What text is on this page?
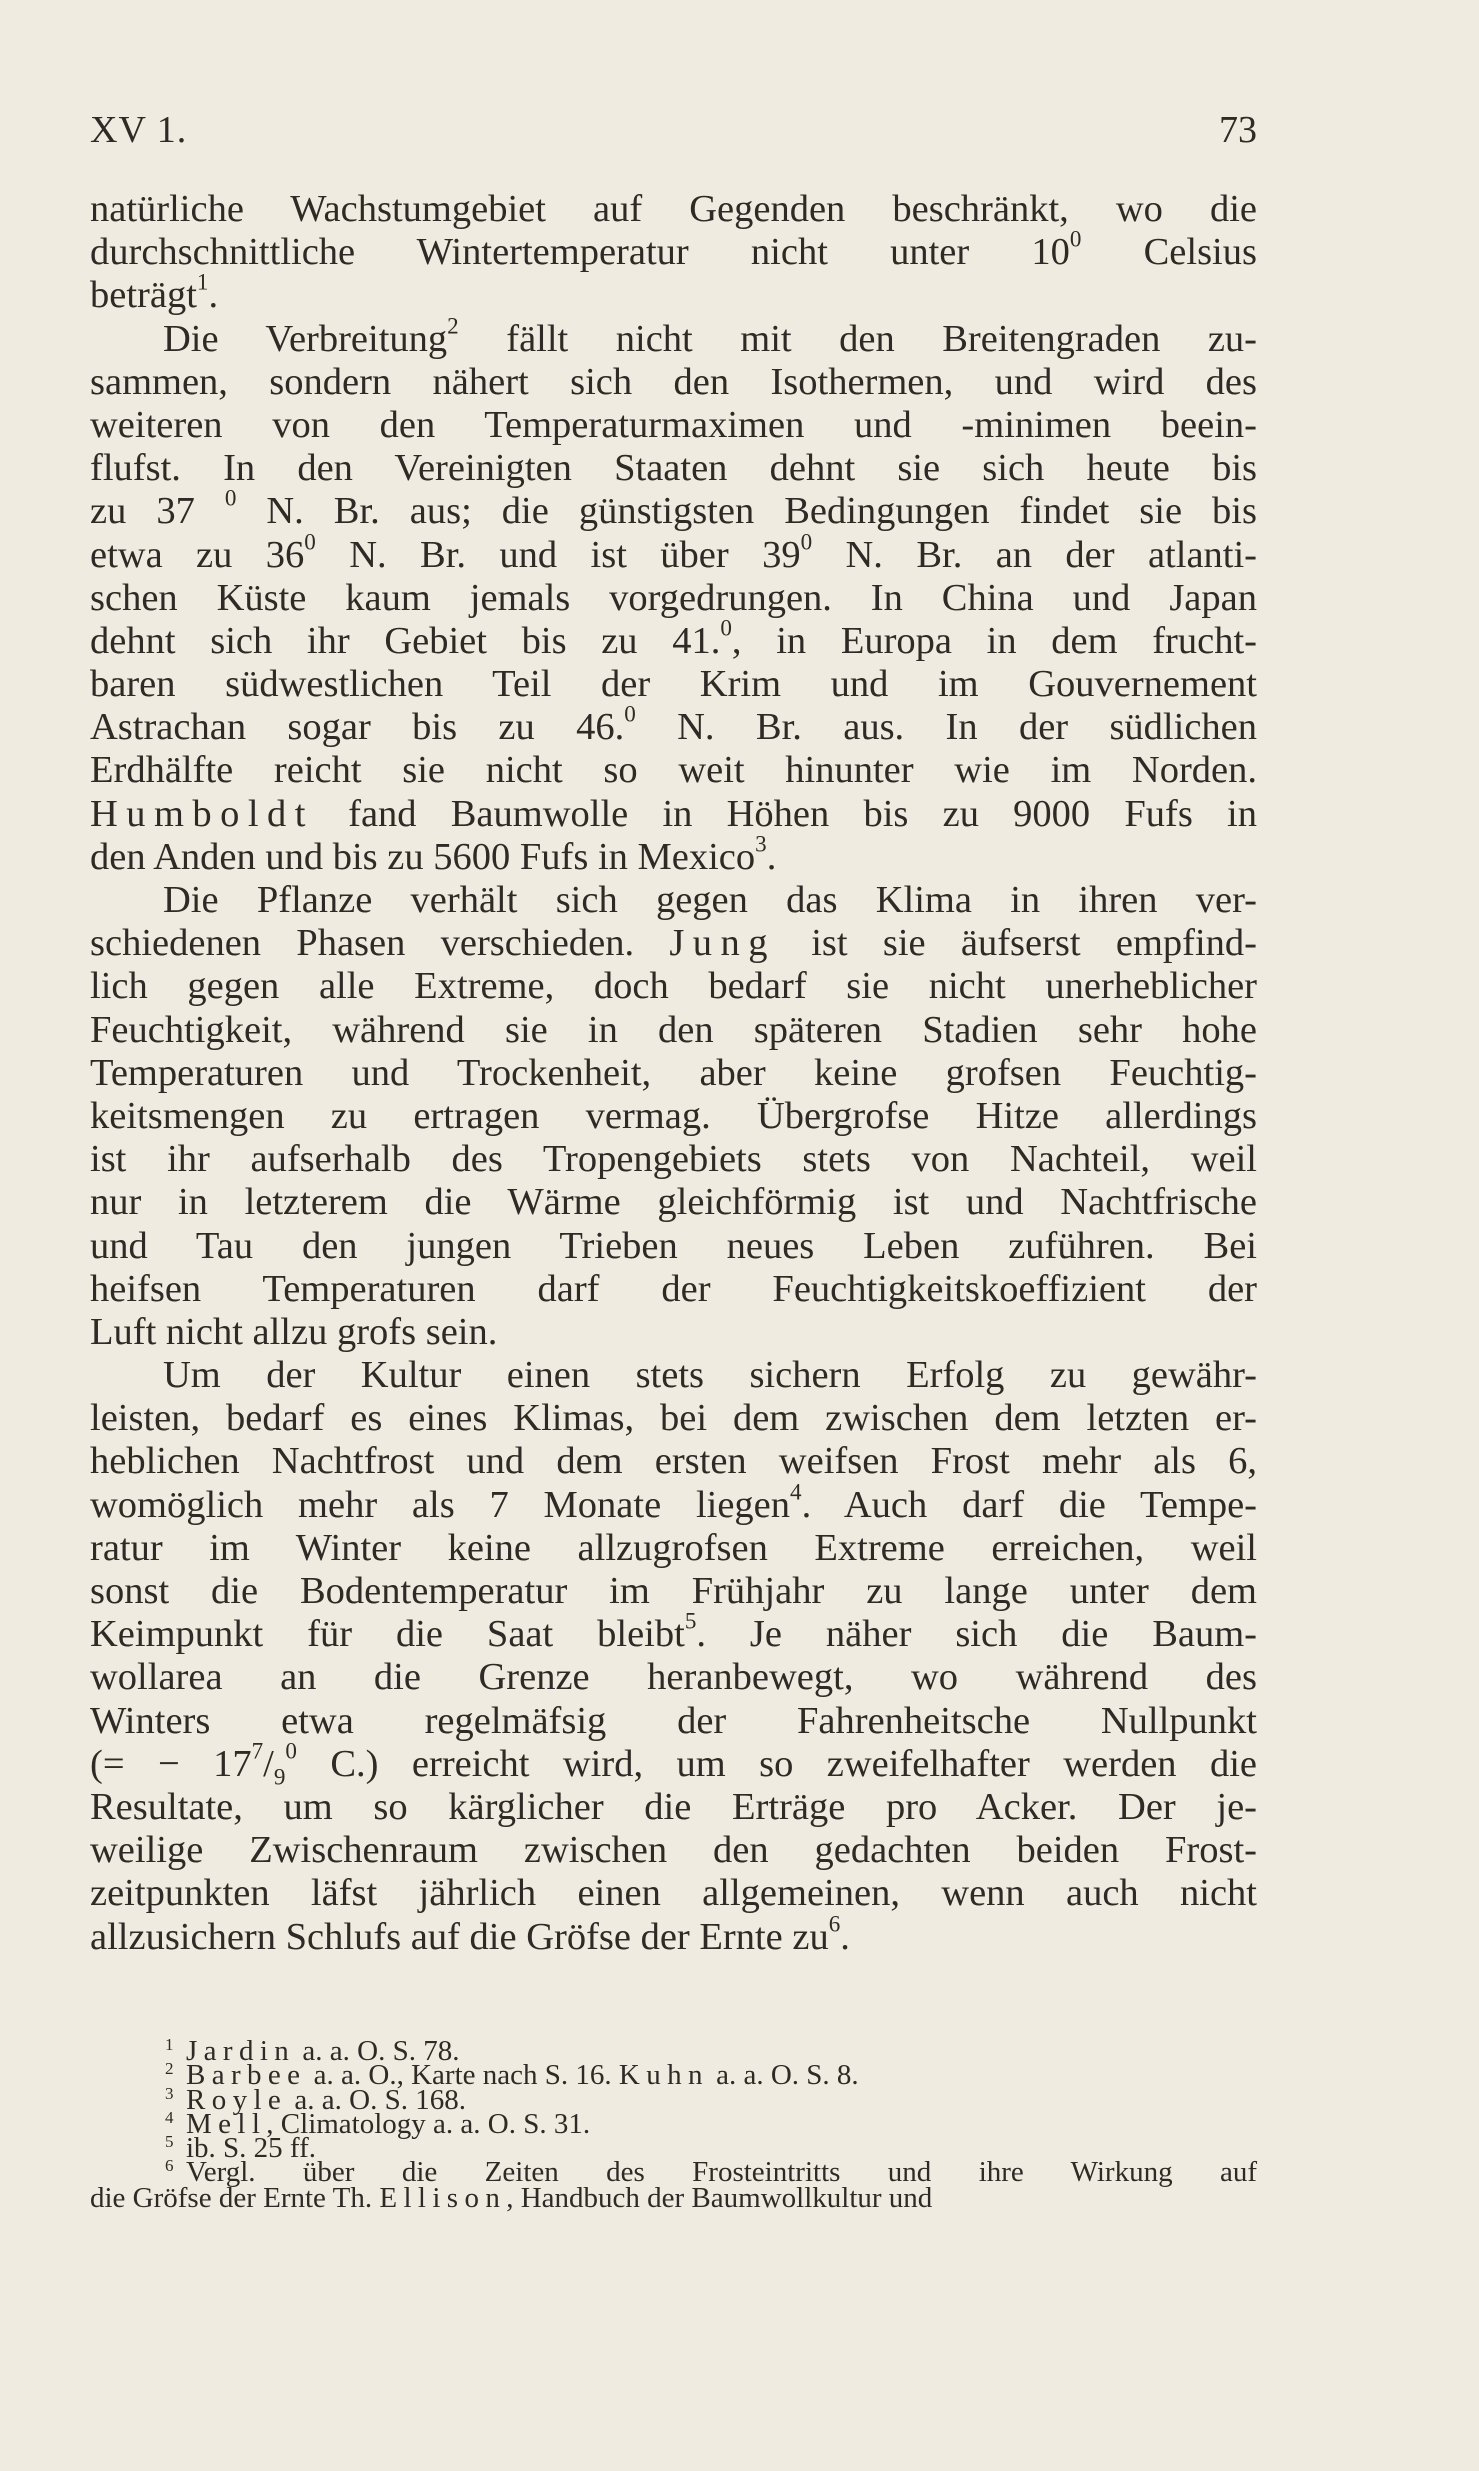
XV 1.	73
natürliche Wachstumgebiet auf Gegenden beschränkt, wo die
durchschnittliche Wintertemperatur nicht unter $10^0$ Celsius
beträgt$^1$.
Die Verbreitung$^2$ fällt nicht mit den Breitengraden zu-
sammen, sondern nähert sich den Isothermen, und wird des
weiteren von den Temperaturmaximen und -minimen beein-
flufst. In den Vereinigten Staaten dehnt sie sich heute bis
zu 37 $^0$ N. Br. aus; die günstigsten Bedingungen findet sie bis
etwa zu $36^0$ N. Br. und ist über $39^0$ N. Br. an der atlanti-
schen Küste kaum jemals vorgedrungen. In China und Japan
dehnt sich ihr Gebiet bis zu 41.$^0$, in Europa in dem frucht-
baren südwestlichen Teil der Krim und im Gouvernement
Astrachan sogar bis zu 46.$^0$ N. Br. aus. In der südlichen
Erdhälfte reicht sie nicht so weit hinunter wie im Norden.
Humboldt fand Baumwolle in Höhen bis zu 9000 Fufs in
den Anden und bis zu 5600 Fufs in Mexico$^3$.
Die Pflanze verhält sich gegen das Klima in ihren ver-
schiedenen Phasen verschieden. Jung ist sie äufserst empfind-
lich gegen alle Extreme, doch bedarf sie nicht unerheblicher
Feuchtigkeit, während sie in den späteren Stadien sehr hohe
Temperaturen und Trockenheit, aber keine grofsen Feuchtig-
keitsmengen zu ertragen vermag. Übergrofse Hitze allerdings
ist ihr aufserhalb des Tropengebiets stets von Nachteil, weil
nur in letzterem die Wärme gleichförmig ist und Nachtfrische
und Tau den jungen Trieben neues Leben zuführen. Bei
heifsen Temperaturen darf der Feuchtigkeitskoeffizient der
Luft nicht allzu grofs sein.
Um der Kultur einen stets sichern Erfolg zu gewähr-
leisten, bedarf es eines Klimas, bei dem zwischen dem letzten er-
heblichen Nachtfrost und dem ersten weifsen Frost mehr als 6,
womöglich mehr als 7 Monate liegen$^4$. Auch darf die Tempe-
ratur im Winter keine allzugrofsen Extreme erreichen, weil
sonst die Bodentemperatur im Frühjahr zu lange unter dem
Keimpunkt für die Saat bleibt$^5$. Je näher sich die Baum-
wollarea an die Grenze heranbewegt, wo während des
Winters etwa regelmäfsig der Fahrenheitsche Nullpunkt
(= − $17^7/_9^0$ C.) erreicht wird, um so zweifelhafter werden die
Resultate, um so kärglicher die Erträge pro Acker. Der je-
weilige Zwischenraum zwischen den gedachten beiden Frost-
zeitpunkten läfst jährlich einen allgemeinen, wenn auch nicht
allzusichern Schlufs auf die Gröfse der Ernte $zu^6$.
1 Jardin a. a. O. S. 78.
2 Barbee a. a. O., Karte nach S. 16. Kuhn a. a. O. S. 8.
3 Royle a. a. O. S. 168.
4 Mell, Climatology a. a. O. S. 31.
5 ib. S. 25 ff.
6 Vergl. über die Zeiten des Frosteintritts und ihre Wirkung auf
die Gröfse der Ernte Th. Ellison, Handbuch der Baumwollkultur und
